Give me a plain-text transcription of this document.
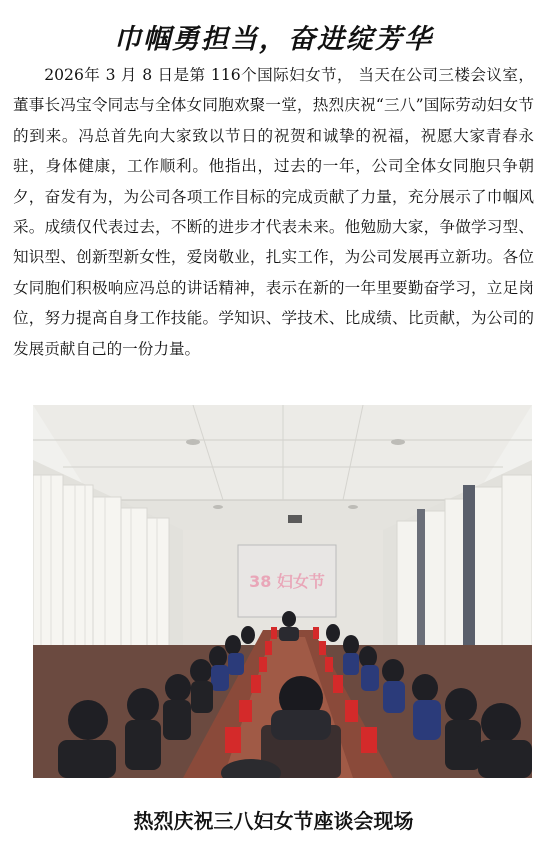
巾帼勇担当，奋进绽芳华

2026年 3 月 8 日是第 116个国际妇女节， 当天在公司三楼会议室，董事长冯宝令同志与全体女同胞欢聚一堂，热烈庆祝“三八”国际劳动妇女节的到来。冯总首先向大家致以节日的祝贺和诚挚的祝福，祝愿大家青春永驻，身体健康，工作顺利。他指出，过去的一年，公司全体女同胞只争朝夕，奋发有为，为公司各项工作目标的完成贡献了力量，充分展示了巾帼风采。成绩仅代表过去，不断的进步才代表未来。他勉励大家，争做学习型、知识型、创新型新女性，爱岗敬业，扎实工作，为公司发展再立新功。各位女同胞们积极响应冯总的讲话精神，表示在新的一年里要勤奋学习，立足岗位，努力提高自身工作技能。学知识、学技术、比成绩、比贡献，为公司的发展贡献自己的一份力量。

38 妇女节
热烈庆祝三八妇女节座谈会现场
